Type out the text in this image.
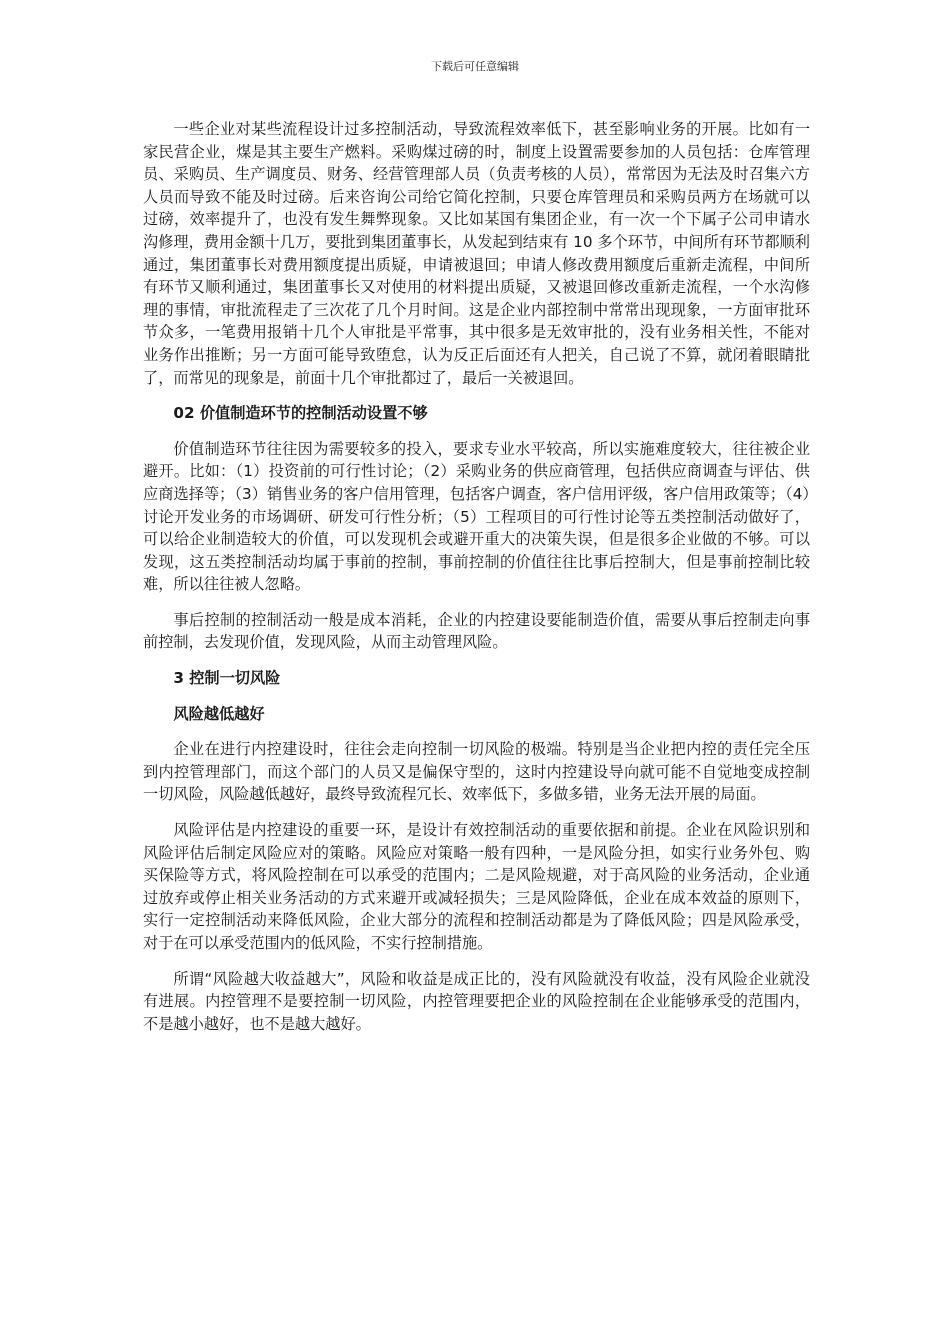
下载后可任意编辑

一些企业对某些流程设计过多控制活动，导致流程效率低下，甚至影响业务的开展。比如有一家民营企业，煤是其主要生产燃料。采购煤过磅的时，制度上设置需要参加的人员包括：仓库管理员、采购员、生产调度员、财务、经营管理部人员（负责考核的人员），常常因为无法及时召集六方人员而导致不能及时过磅。后来咨询公司给它简化控制，只要仓库管理员和采购员两方在场就可以过磅，效率提升了，也没有发生舞弊现象。又比如某国有集团企业，有一次一个下属子公司申请水沟修理，费用金额十几万，要批到集团董事长，从发起到结束有 10 多个环节，中间所有环节都顺利通过，集团董事长对费用额度提出质疑，申请被退回；申请人修改费用额度后重新走流程，中间所有环节又顺利通过，集团董事长又对使用的材料提出质疑，又被退回修改重新走流程，一个水沟修理的事情，审批流程走了三次花了几个月时间。这是企业内部控制中常常出现现象，一方面审批环节众多，一笔费用报销十几个人审批是平常事，其中很多是无效审批的，没有业务相关性，不能对业务作出推断；另一方面可能导致堕怠，认为反正后面还有人把关，自己说了不算，就闭着眼睛批了，而常见的现象是，前面十几个审批都过了，最后一关被退回。

02 价值制造环节的控制活动设置不够

价值制造环节往往因为需要较多的投入，要求专业水平较高，所以实施难度较大，往往被企业避开。比如：（1）投资前的可行性讨论；（2）采购业务的供应商管理，包括供应商调查与评估、供应商选择等；（3）销售业务的客户信用管理，包括客户调查，客户信用评级，客户信用政策等；（4）讨论开发业务的市场调研、研发可行性分析；（5）工程项目的可行性讨论等五类控制活动做好了，可以给企业制造较大的价值，可以发现机会或避开重大的决策失误，但是很多企业做的不够。可以发现，这五类控制活动均属于事前的控制，事前控制的价值往往比事后控制大，但是事前控制比较难，所以往往被人忽略。

事后控制的控制活动一般是成本消耗，企业的内控建设要能制造价值，需要从事后控制走向事前控制，去发现价值，发现风险，从而主动管理风险。

3 控制一切风险
风险越低越好

企业在进行内控建设时，往往会走向控制一切风险的极端。特别是当企业把内控的责任完全压到内控管理部门，而这个部门的人员又是偏保守型的，这时内控建设导向就可能不自觉地变成控制一切风险，风险越低越好，最终导致流程冗长、效率低下，多做多错，业务无法开展的局面。

风险评估是内控建设的重要一环，是设计有效控制活动的重要依据和前提。企业在风险识别和风险评估后制定风险应对的策略。风险应对策略一般有四种，一是风险分担，如实行业务外包、购买保险等方式，将风险控制在可以承受的范围内；二是风险规避，对于高风险的业务活动，企业通过放弃或停止相关业务活动的方式来避开或减轻损失；三是风险降低，企业在成本效益的原则下，实行一定控制活动来降低风险，企业大部分的流程和控制活动都是为了降低风险；四是风险承受，对于在可以承受范围内的低风险，不实行控制措施。

所谓“风险越大收益越大”，风险和收益是成正比的，没有风险就没有收益，没有风险企业就没有进展。内控管理不是要控制一切风险，内控管理要把企业的风险控制在企业能够承受的范围内，不是越小越好，也不是越大越好。
